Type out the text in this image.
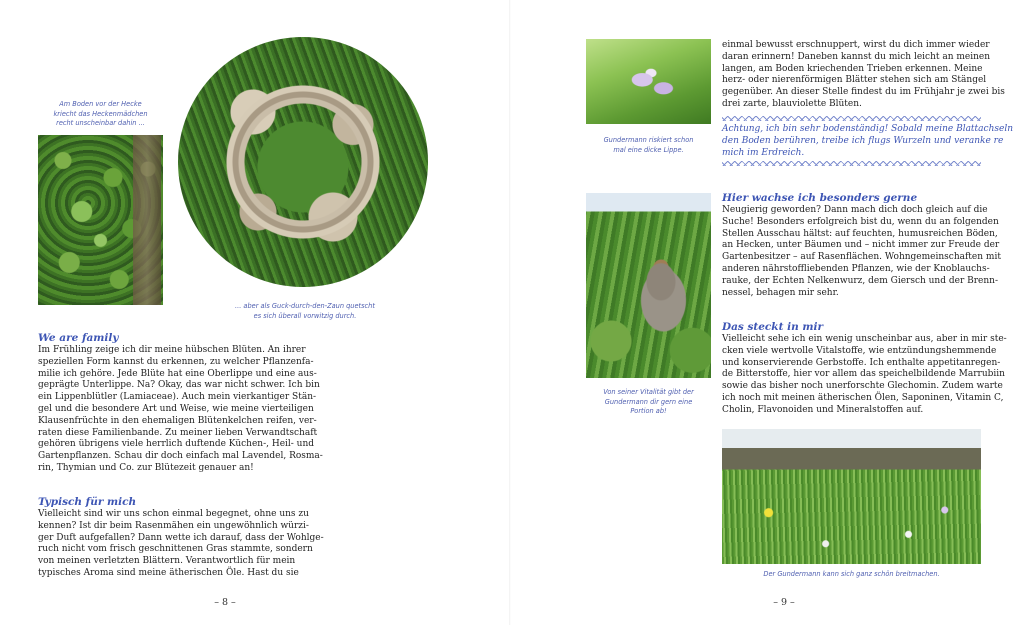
Am Boden vor der Hecke
kriecht das Heckenmädchen
recht unscheinbar dahin ...
... aber als Guck-durch-den-Zaun quetscht
es sich überall vorwitzig durch.
We are family
Im Frühling zeige ich dir meine hübschen Blüten. An ihrer
speziellen Form kannst du erkennen, zu welcher Pflanzenfa-
milie ich gehöre. Jede Blüte hat eine Oberlippe und eine aus-
geprägte Unterlippe. Na? Okay, das war nicht schwer. Ich bin
ein Lippenblütler (Lamiaceae). Auch mein vierkantiger Stän-
gel und die besondere Art und Weise, wie meine vierteiligen
Klausenfrüchte in den ehemaligen Blütenkelchen reifen, ver-
raten diese Familienbande. Zu meiner lieben Verwandtschaft
gehören übrigens viele herrlich duftende Küchen-, Heil- und
Gartenpflanzen. Schau dir doch einfach mal Lavendel, Rosma-
rin, Thymian und Co. zur Blütezeit genauer an!
Typisch für mich
Vielleicht sind wir uns schon einmal begegnet, ohne uns zu
kennen? Ist dir beim Rasenmähen ein ungewöhnlich würzi-
ger Duft aufgefallen? Dann wette ich darauf, dass der Wohlge-
ruch nicht vom frisch geschnittenen Gras stammte, sondern
von meinen verletzten Blättern. Verantwortlich für mein
typisches Aroma sind meine ätherischen Öle. Hast du sie
– 8 –
Gundermann riskiert schon
mal eine dicke Lippe.
einmal bewusst erschnuppert, wirst du dich immer wieder
daran erinnern! Daneben kannst du mich leicht an meinen
langen, am Boden kriechenden Trieben erkennen. Meine
herz- oder nierenförmigen Blätter stehen sich am Stängel
gegenüber. An dieser Stelle findest du im Frühjahr je zwei bis
drei zarte, blauviolette Blüten.
Achtung, ich bin sehr bodenständig! Sobald meine Blattachseln
den Boden berühren, treibe ich flugs Wurzeln und veranke re
mich im Erdreich.
Von seiner Vitalität gibt der
Gundermann dir gern eine
Portion ab!
Hier wachse ich besonders gerne
Neugierig geworden? Dann mach dich doch gleich auf die
Suche! Besonders erfolgreich bist du, wenn du an folgenden
Stellen Ausschau hältst: auf feuchten, humusreichen Böden,
an Hecken, unter Bäumen und – nicht immer zur Freude der
Gartenbesitzer – auf Rasenflächen. Wohngemeinschaften mit
anderen nährstoffliebenden Pflanzen, wie der Knoblauchs-
rauke, der Echten Nelkenwurz, dem Giersch und der Brenn-
nessel, behagen mir sehr.
Das steckt in mir
Vielleicht sehe ich ein wenig unscheinbar aus, aber in mir ste-
cken viele wertvolle Vitalstoffe, wie entzündungshemmende
und konservierende Gerbstoffe. Ich enthalte appetitanregen-
de Bitterstoffe, hier vor allem das speichelbildende Marrubiin
sowie das bisher noch unerforschte Glechomin. Zudem warte
ich noch mit meinen ätherischen Ölen, Saponinen, Vitamin C,
Cholin, Flavonoiden und Mineralstoffen auf.
Der Gundermann kann sich ganz schön breitmachen.
– 9 –
